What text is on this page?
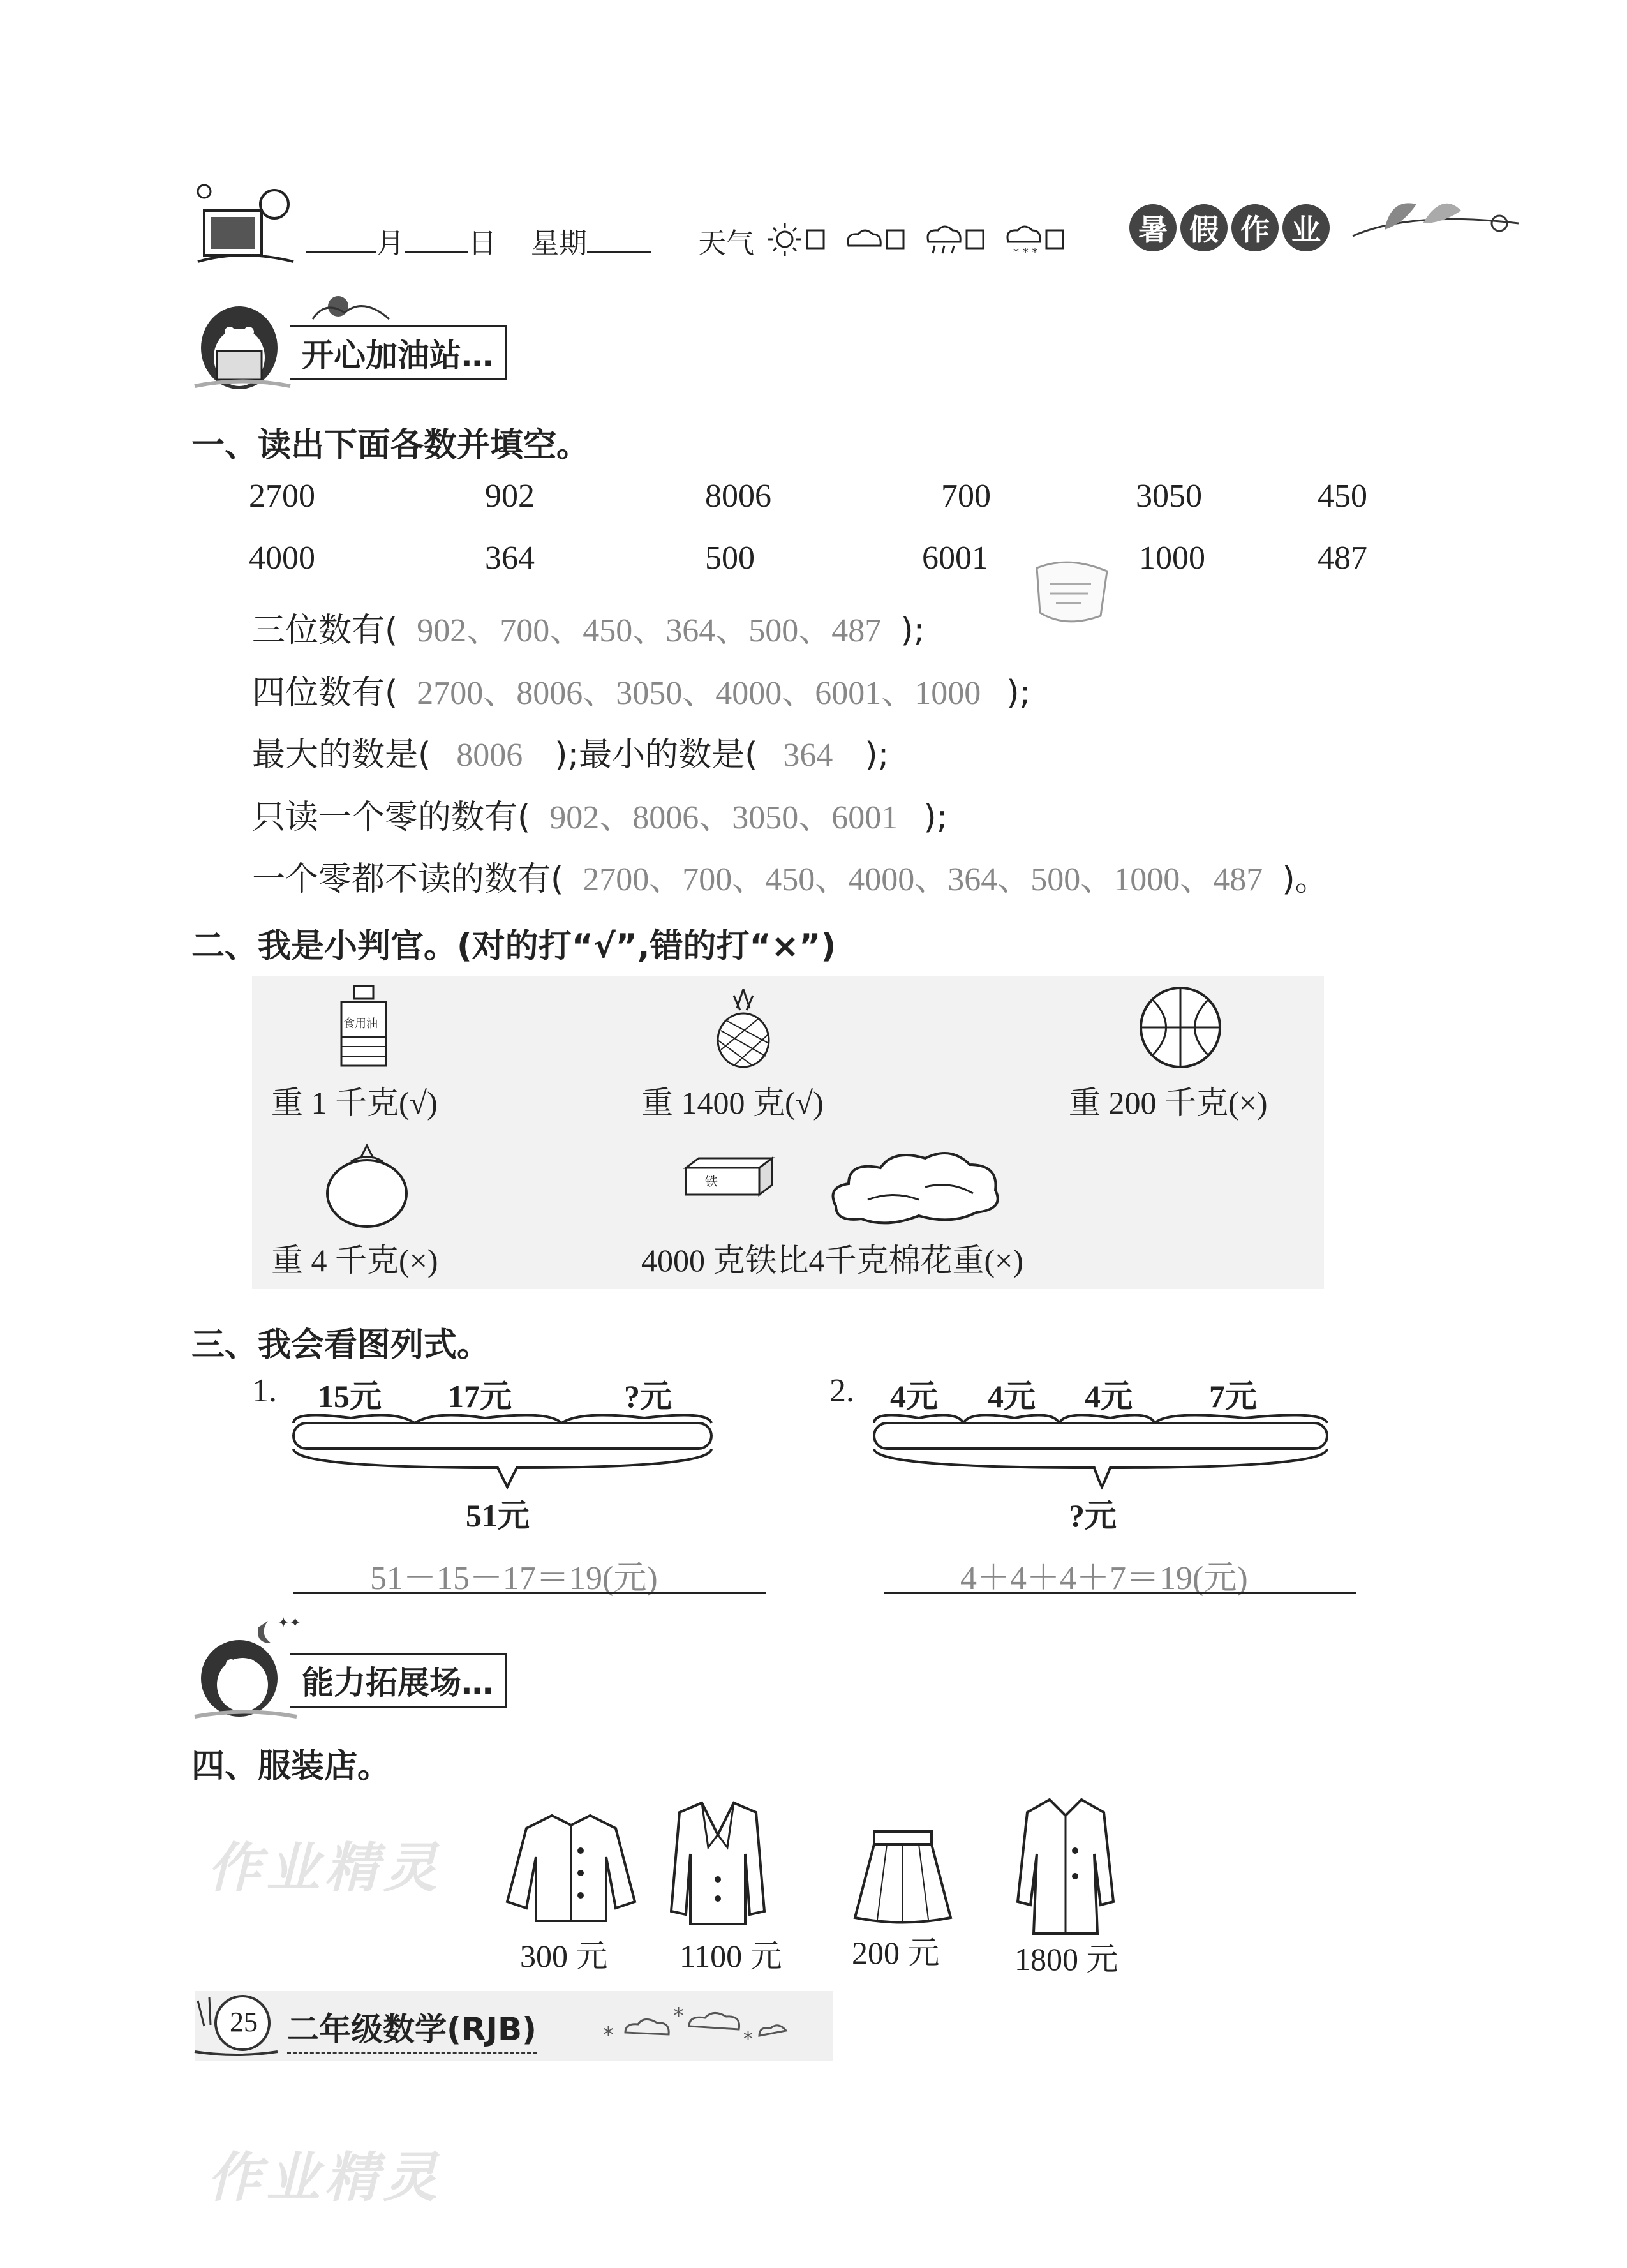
月 日 星期	天气	* * *
暑 假 作 业
开心加油站…
一、读出下面各数并填空。
2700	902	8006	700	3050	450
4000	364	500	6001	1000	487
三位数有( 902、700、450、364、500、487 );
四位数有( 2700、8006、3050、4000、6001、1000 );
最大的数是( 8006 );最小的数是( 364 );
只读一个零的数有( 902、8006、3050、6001 );
一个零都不读的数有( 2700、700、450、4000、364、500、1000、487 )。
二、我是小判官。(对的打“√”,错的打“×”)
食用油
重 1 千克(√)	重 1400 克(√)	重 200 千克(×)
铁
重 4 千克(×)	4000 克铁比4千克棉花重(×)
三、我会看图列式。
1. 15元 17元	?元
51元
51－15－17＝19(元)
2. 4元 4元 4元 7元
?元
4＋4＋4＋7＝19(元)
✦✦
能力拓展场…
四、服装店。
作业精灵
300 元 1100 元 200 元 1800 元
25 二年级数学(RJB)	*
*
*
作业精灵
